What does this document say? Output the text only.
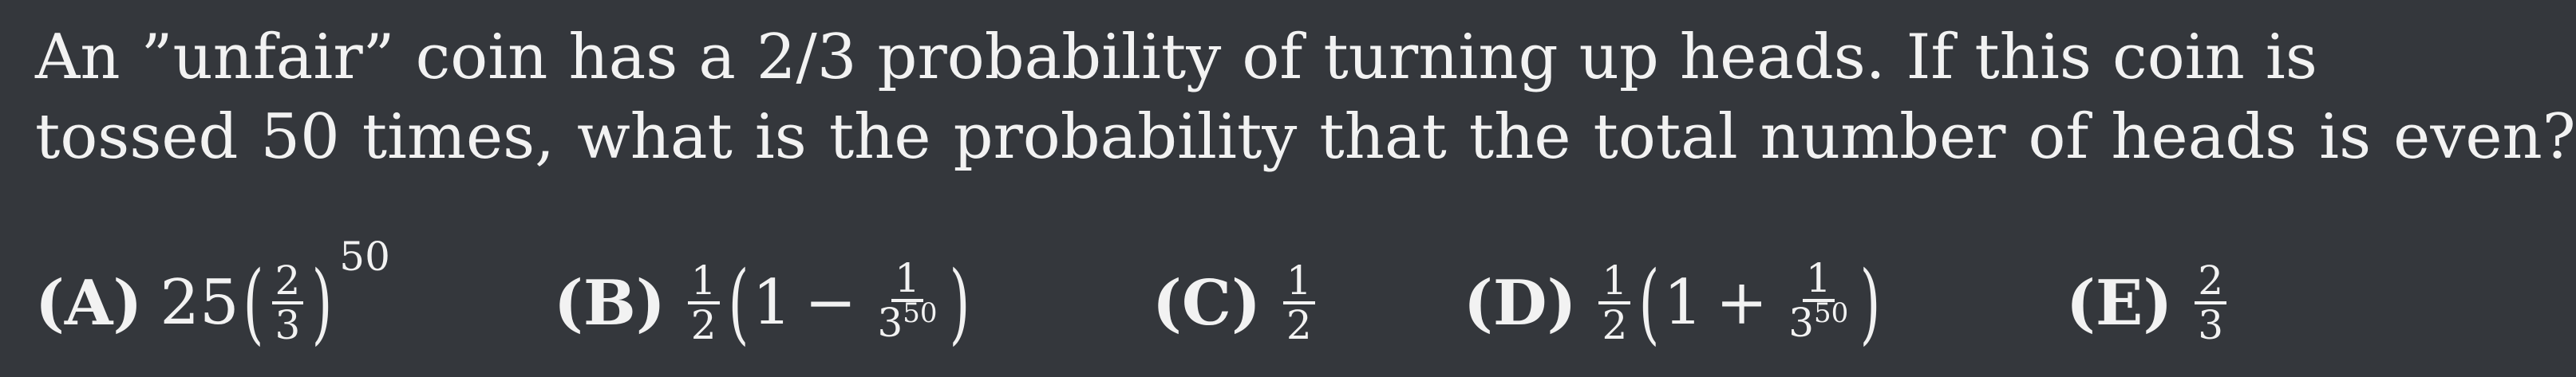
An ”unfair” coin has a 2/3 probability of turning up heads. If this coin is
tossed 50 times, what is the probability that the total number of heads is even?
(A) 25 ( $\frac{2}{3}$ ) 50
$(B) \frac{1}{2}$ ( $1 - \frac{1}{3^{50}}$ )	$(C) \frac{1}{2} (D) \frac{1}{2}$ ( $1 + \frac{1}{3^{50}}$ )	$(E) \frac{2}{3}$
